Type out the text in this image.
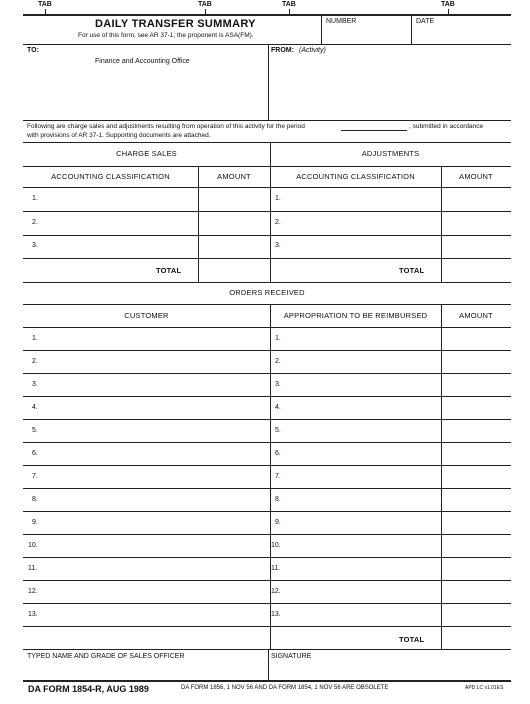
TAB	TAB	TAB	TAB
DAILY TRANSFER SUMMARY
For use of this form, see AR 37-1; the proponent is ASA(FM).
NUMBER	DATE
TO:
Finance and Accounting Office
FROM: (Activity)
Following are charge sales and adjustments resulting from operation of this activity for the period	, submitted in accordance
with provisions of AR 37-1. Supporting documents are attached.
CHARGE SALES	ADJUSTMENTS
ACCOUNTING CLASSIFICATION	AMOUNT	ACCOUNTING CLASSIFICATION	AMOUNT
1.	1.
2.	2.
3.	3.
TOTAL	TOTAL
ORDERS RECEIVED
CUSTOMER	APPROPRIATION TO BE REIMBURSED	AMOUNT
1.	1.
2.	2.
3.	3.
4.	4.
5.	5.
6.	6.
7.	7.
8.	8.
9.	9.
10.	10.
11.	11.
12.	12.
13.	13.
TOTAL
TYPED NAME AND GRADE OF SALES OFFICER	SIGNATURE
DA FORM 1854-R, AUG 1989	DA FORM 1856, 1 NOV 56 AND DA FORM 1854, 1 NOV 56 ARE OBSOLETE	APD LC v1.01ES
